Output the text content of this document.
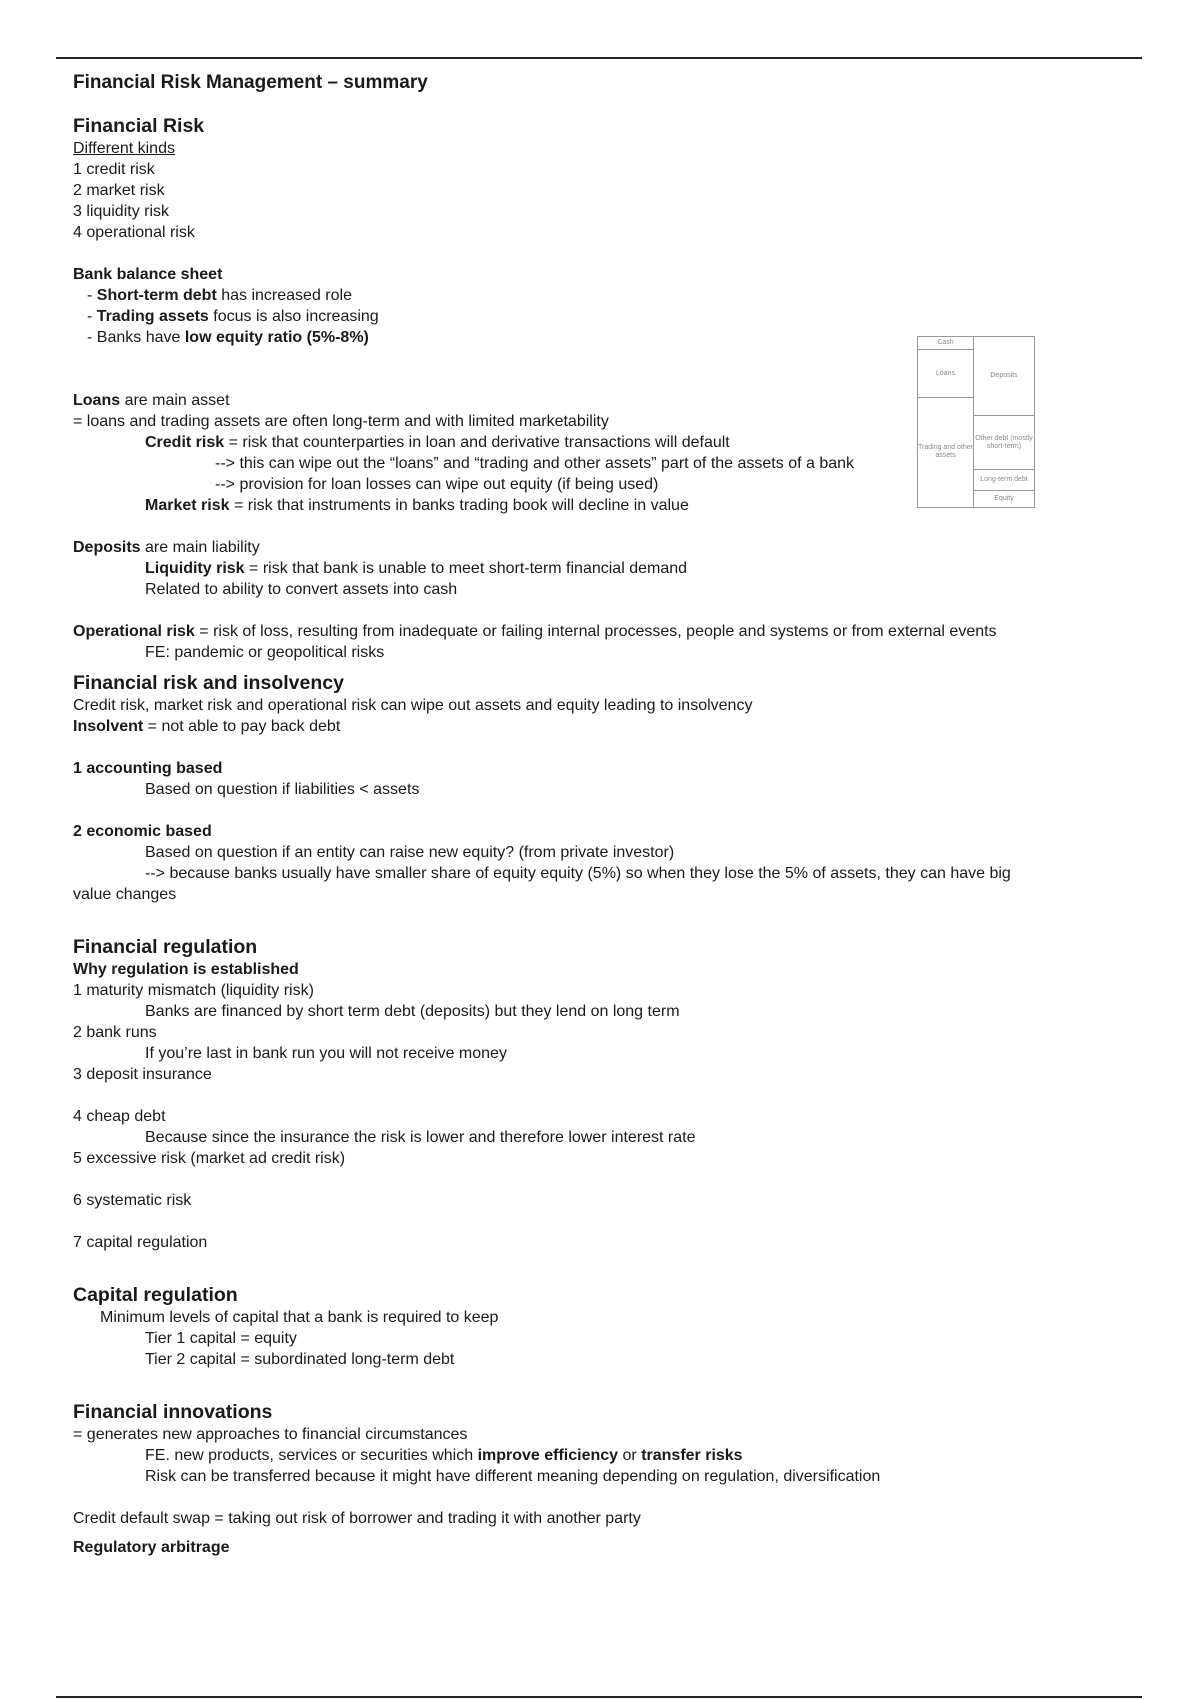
Financial Risk Management – summary
Financial Risk
Different kinds
1 credit risk
2 market risk
3 liquidity risk
4 operational risk
Bank balance sheet
- Short-term debt has increased role
- Trading assets focus is also increasing
- Banks have low equity ratio (5%-8%)
Loans are main asset
= loans and trading assets are often long-term and with limited marketability
Credit risk = risk that counterparties in loan and derivative transactions will default
--> this can wipe out the “loans” and “trading and other assets” part of the assets of a bank
--> provision for loan losses can wipe out equity (if being used)
Market risk = risk that instruments in banks trading book will decline in value
Deposits are main liability
Liquidity risk = risk that bank is unable to meet short-term financial demand
Related to ability to convert assets into cash
Operational risk = risk of loss, resulting from inadequate or failing internal processes, people and systems or from external events
FE: pandemic or geopolitical risks
Financial risk and insolvency
Credit risk, market risk and operational risk can wipe out assets and equity leading to insolvency
Insolvent = not able to pay back debt
1 accounting based
Based on question if liabilities < assets
2 economic based
Based on question if an entity can raise new equity? (from private investor)
--> because banks usually have smaller share of equity equity (5%) so when they lose the 5% of assets, they can have big
value changes
Financial regulation
Why regulation is established
1 maturity mismatch (liquidity risk)
Banks are financed by short term debt (deposits) but they lend on long term
2 bank runs
If you’re last in bank run you will not receive money
3 deposit insurance
4 cheap debt
Because since the insurance the risk is lower and therefore lower interest rate
5 excessive risk (market ad credit risk)
6 systematic risk
7 capital regulation
Capital regulation
Minimum levels of capital that a bank is required to keep
Tier 1 capital = equity
Tier 2 capital = subordinated long-term debt
Financial innovations
= generates new approaches to financial circumstances
FE. new products, services or securities which improve efficiency or transfer risks
Risk can be transferred because it might have different meaning depending on regulation, diversification
Credit default swap = taking out risk of borrower and trading it with another party
Regulatory arbitrage
Cash
Loans
Trading and other assets
Deposits
Other debt (mostly short-term)
Long-term debt
Equity
